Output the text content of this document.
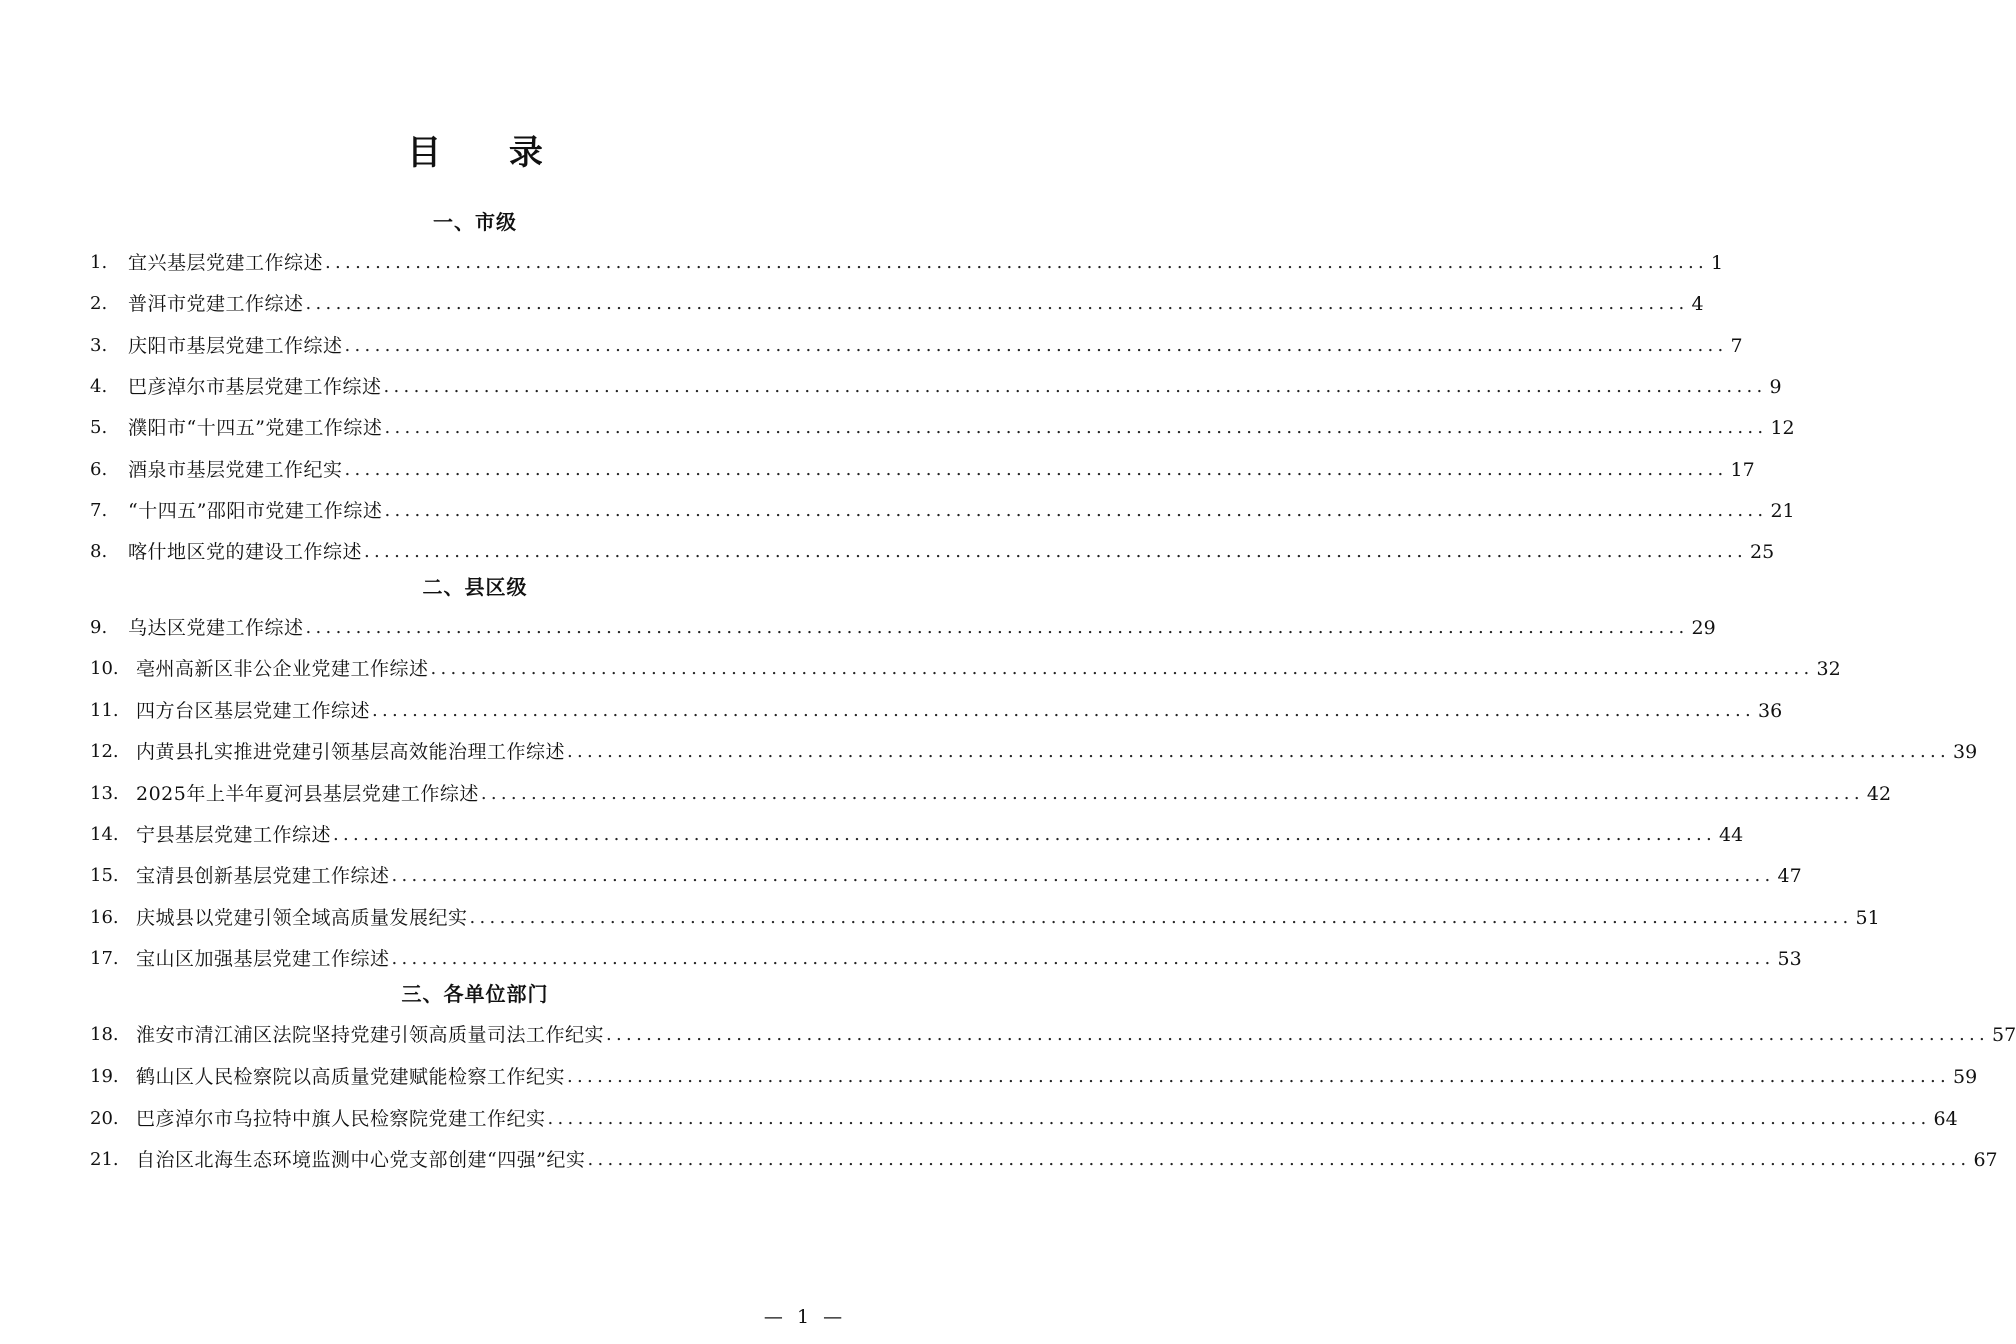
目 录
一、市级
1.	宜兴基层党建工作综述 .......................................................................................................................................... 1
2.	普洱市党建工作综述 .......................................................................................................................................... 4
3.	庆阳市基层党建工作综述 .......................................................................................................................................... 7
4.	巴彦淖尔市基层党建工作综述 .......................................................................................................................................... 9
5.	濮阳市“十四五”党建工作综述 .......................................................................................................................................... 12
6.	酒泉市基层党建工作纪实 .......................................................................................................................................... 17
7.	“十四五”邵阳市党建工作综述 .......................................................................................................................................... 21
8.	喀什地区党的建设工作综述 .......................................................................................................................................... 25
二、县区级
9.	乌达区党建工作综述 .......................................................................................................................................... 29
10. 亳州高新区非公企业党建工作综述 .......................................................................................................................................... 32
11. 四方台区基层党建工作综述 .......................................................................................................................................... 36
12. 内黄县扎实推进党建引领基层高效能治理工作综述 .......................................................................................................................................... 39
13. 2025年上半年夏河县基层党建工作综述 .......................................................................................................................................... 42
14. 宁县基层党建工作综述 .......................................................................................................................................... 44
15. 宝清县创新基层党建工作综述 .......................................................................................................................................... 47
16. 庆城县以党建引领全域高质量发展纪实 .......................................................................................................................................... 51
17. 宝山区加强基层党建工作综述 .......................................................................................................................................... 53
三、各单位部门
18. 淮安市清江浦区法院坚持党建引领高质量司法工作纪实 .......................................................................................................................................... 57
19. 鹤山区人民检察院以高质量党建赋能检察工作纪实 .......................................................................................................................................... 59
20. 巴彦淖尔市乌拉特中旗人民检察院党建工作纪实 .......................................................................................................................................... 64
21. 自治区北海生态环境监测中心党支部创建“四强”纪实 .......................................................................................................................................... 67
— 1 —
